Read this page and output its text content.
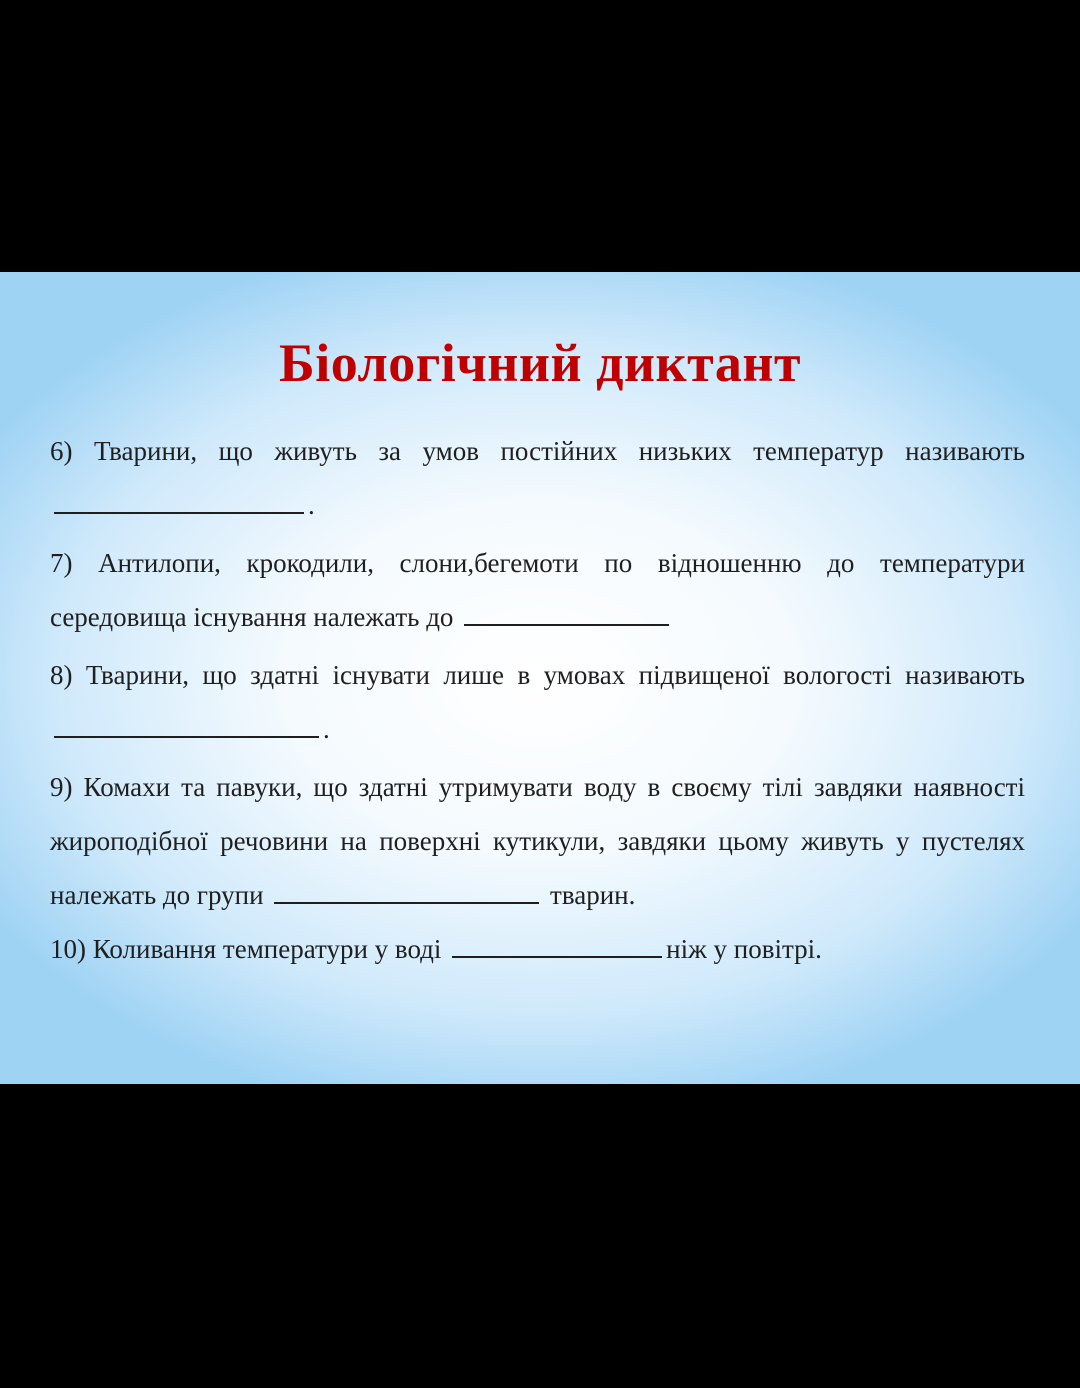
Біологічний диктант

6) Тварини, що живуть за умов постійних низьких температур називають .

7) Антилопи, крокодили, слони,бегемоти по відношенню до температури середовища існування належать до

8) Тварини, що здатні існувати лише в умовах підвищеної вологості називають .

9) Комахи та павуки, що здатні утримувати воду в своєму тілі завдяки наявності жироподібної речовини на поверхні кутикули, завдяки цьому живуть у пустелях належать до групи	тварин.

10) Коливання температури у воді	ніж у повітрі.
